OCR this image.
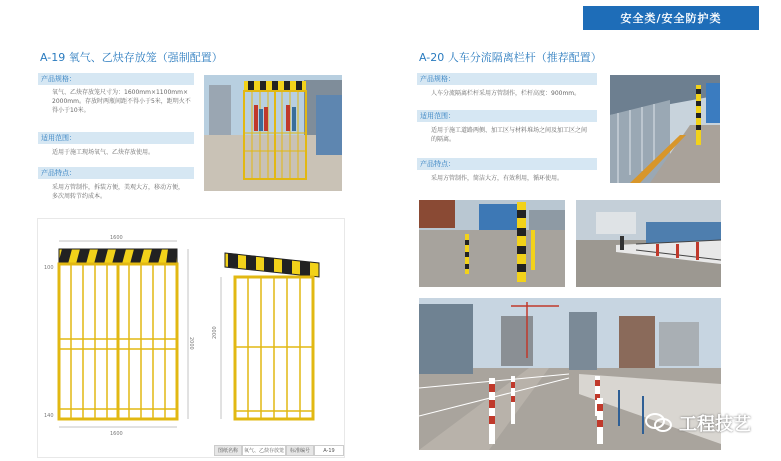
安全类/安全防护类
A-19 氧气、乙炔存放笼（强制配置）
产品规格：
氧气、乙炔存放笼尺寸为：1600mm×1100mm×
2000mm。存放时两瓶间距不得小于5米，距明火不
得小于10米。
适用范围：
适用于施工现场氧气、乙炔存放使用。
产品特点：
采用方管制作，拆装方便，美观大方，移动方便，
多次周转节约成本。
1600
1600
2000
100
140
2000
图纸名称	氧气、乙炔存放笼	标准编号	A-19
A-20 人车分流隔离栏杆（推荐配置）
产品规格：
人车分流隔离栏杆采用方管制作，栏杆高度：900mm。
适用范围：
适用于施工道路两侧、加工区与材料堆场之间及加工区之间
的隔离。
产品特点：
采用方管制作，简洁大方，有效利用，循环使用。
工程技艺
